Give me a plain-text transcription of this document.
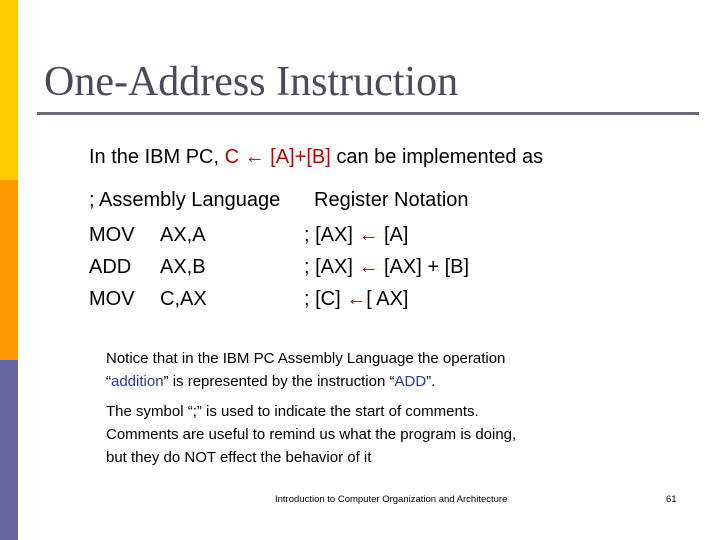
One-Address Instruction
In the IBM PC, C ← [A]+[B] can be implemented as
; Assembly Language Register Notation
MOV AX,A	; [AX] ← [A]
ADD AX,B	; [AX] ← [AX] + [B]
MOV C,AX	; [C] ←[ AX]
Notice that in the IBM PC Assembly Language the operation
“addition” is represented by the instruction “ADD”.
The symbol “;” is used to indicate the start of comments.
Comments are useful to remind us what the program is doing,
but they do NOT effect the behavior of it
Introduction to Computer Organization and Architecture	61
